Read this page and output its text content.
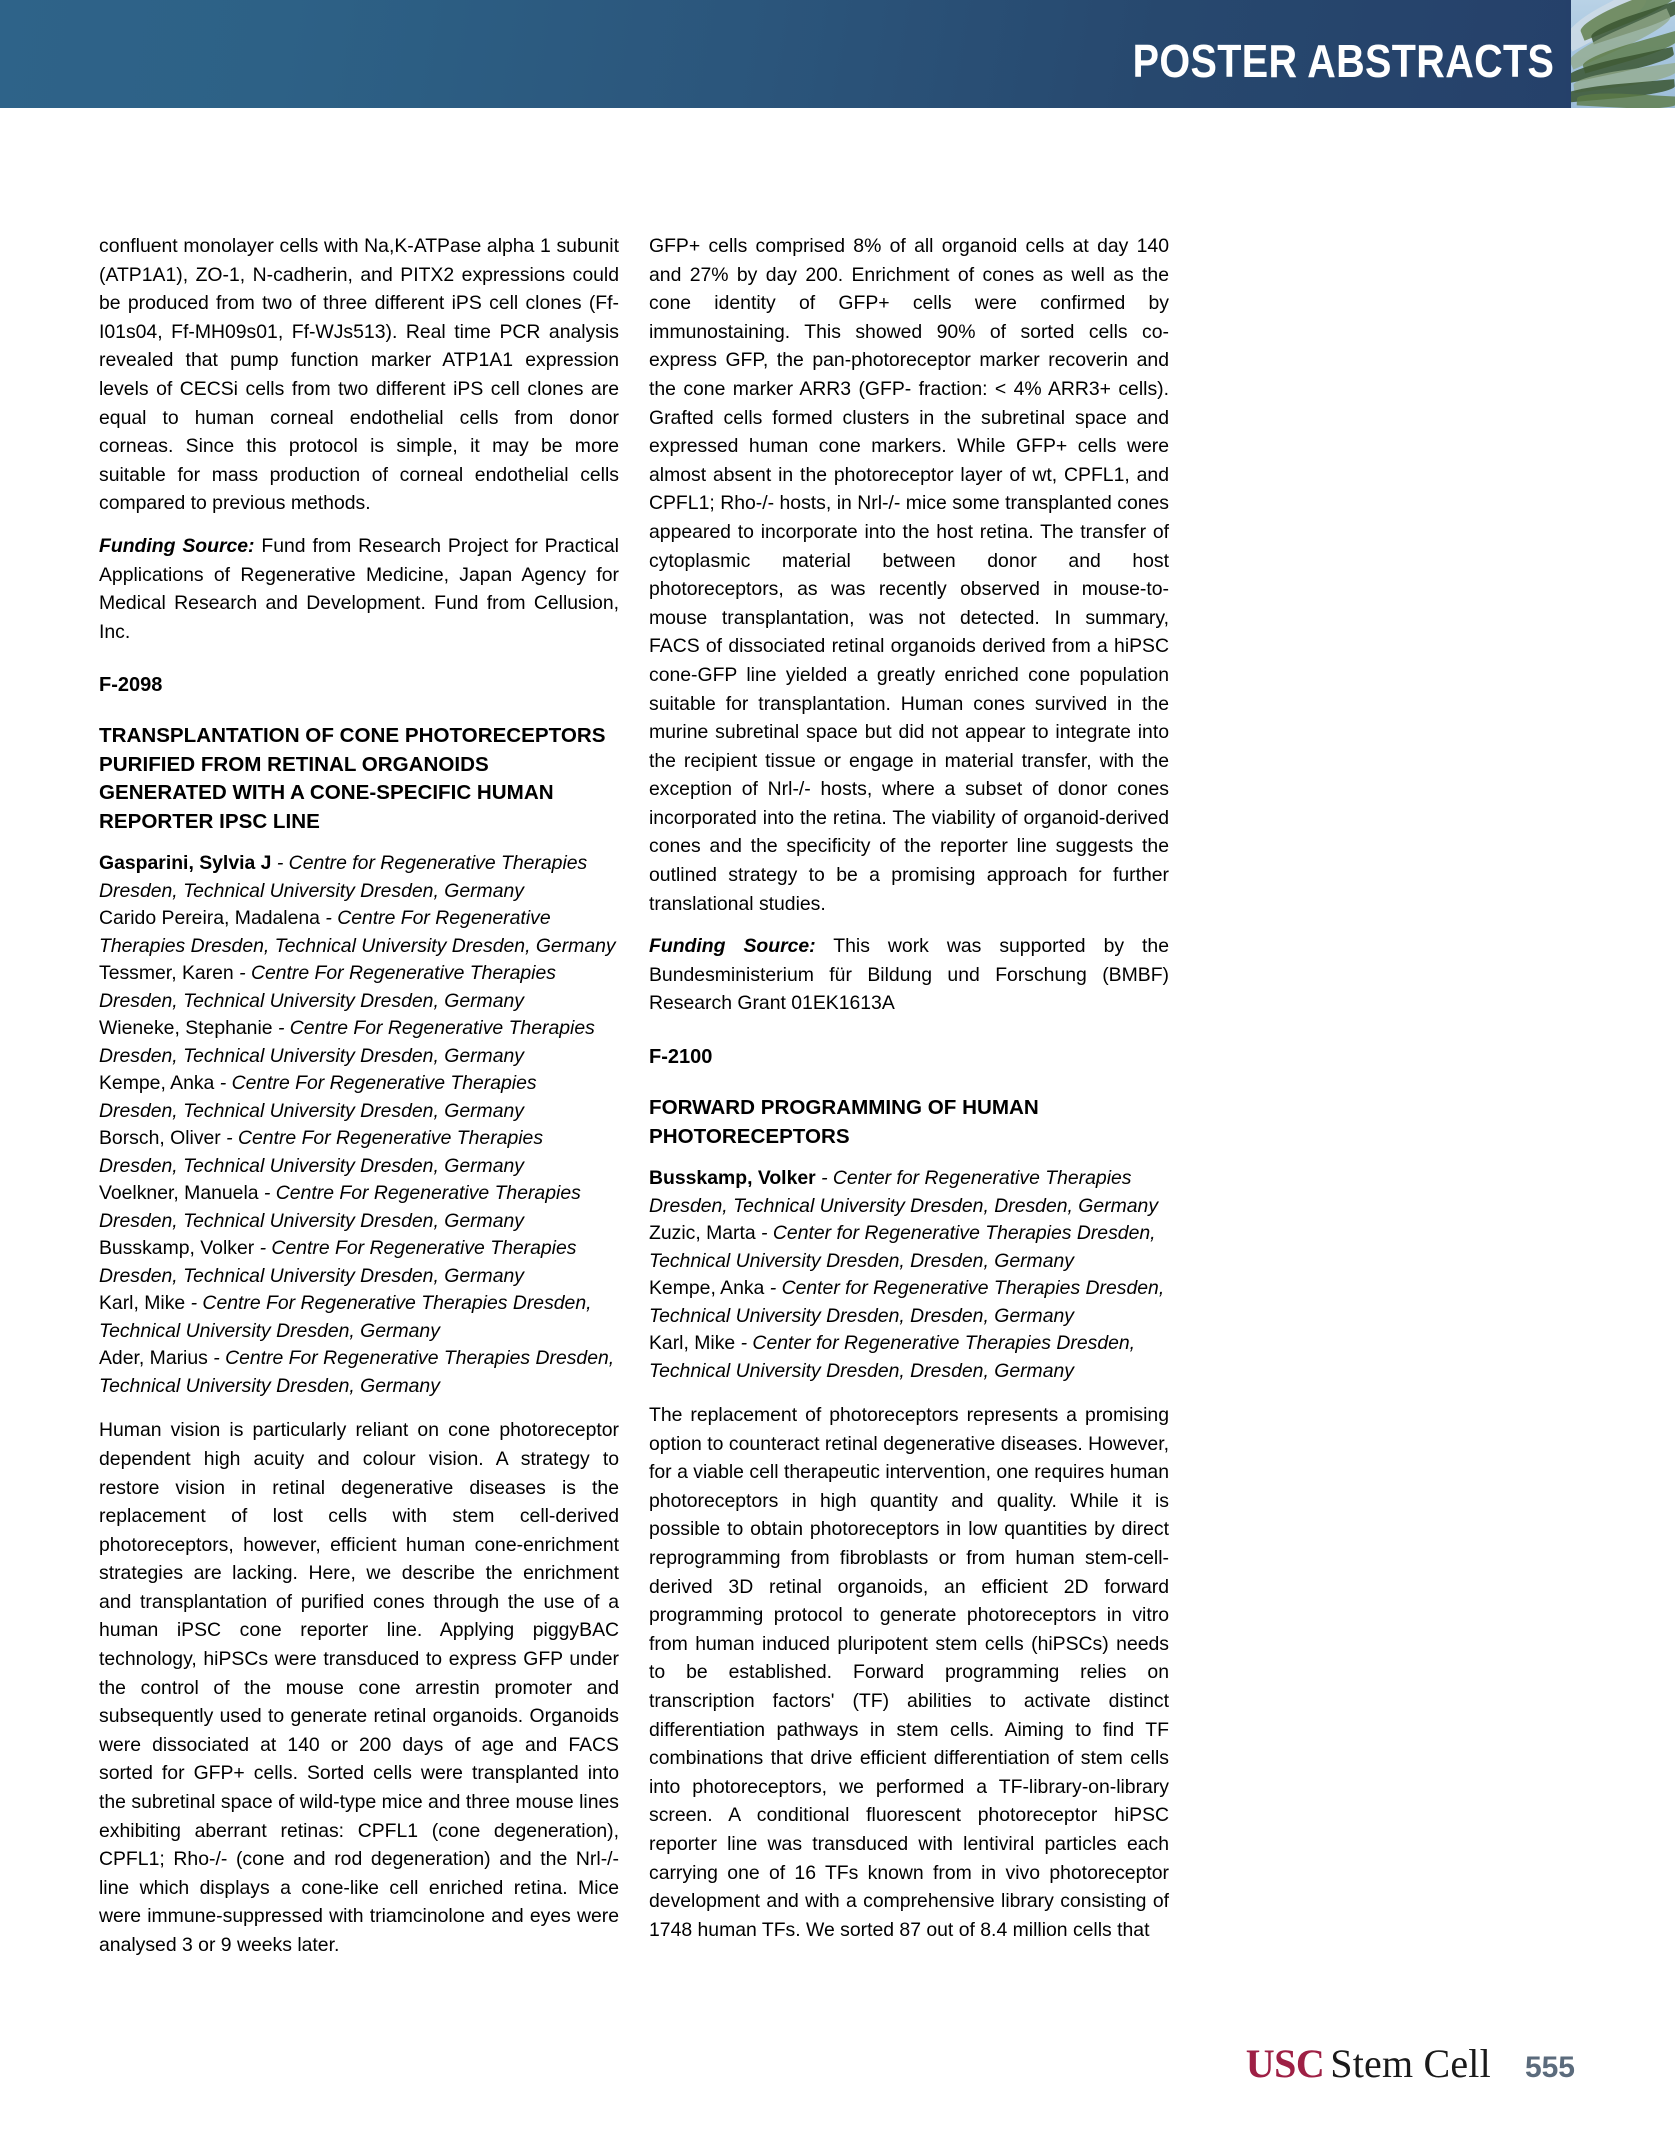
POSTER ABSTRACTS

confluent monolayer cells with Na,K-ATPase alpha 1 subunit (ATP1A1), ZO-1, N-cadherin, and PITX2 expressions could be produced from two of three different iPS cell clones (Ff-I01s04, Ff-MH09s01, Ff-WJs513). Real time PCR analysis revealed that pump function marker ATP1A1 expression levels of CECSi cells from two different iPS cell clones are equal to human corneal endothelial cells from donor corneas. Since this protocol is simple, it may be more suitable for mass production of corneal endothelial cells compared to previous methods.

Funding Source: Fund from Research Project for Practical Applications of Regenerative Medicine, Japan Agency for Medical Research and Development. Fund from Cellusion, Inc.

F-2098

TRANSPLANTATION OF CONE PHOTORECEPTORS PURIFIED FROM RETINAL ORGANOIDS GENERATED WITH A CONE-SPECIFIC HUMAN REPORTER IPSC LINE
Gasparini, Sylvia J - Centre for Regenerative Therapies Dresden, Technical University Dresden, Germany
Carido Pereira, Madalena - Centre For Regenerative Therapies Dresden, Technical University Dresden, Germany
Tessmer, Karen - Centre For Regenerative Therapies Dresden, Technical University Dresden, Germany
Wieneke, Stephanie - Centre For Regenerative Therapies Dresden, Technical University Dresden, Germany
Kempe, Anka - Centre For Regenerative Therapies Dresden, Technical University Dresden, Germany
Borsch, Oliver - Centre For Regenerative Therapies Dresden, Technical University Dresden, Germany
Voelkner, Manuela - Centre For Regenerative Therapies Dresden, Technical University Dresden, Germany
Busskamp, Volker - Centre For Regenerative Therapies Dresden, Technical University Dresden, Germany
Karl, Mike - Centre For Regenerative Therapies Dresden, Technical University Dresden, Germany
Ader, Marius - Centre For Regenerative Therapies Dresden, Technical University Dresden, Germany

Human vision is particularly reliant on cone photoreceptor dependent high acuity and colour vision. A strategy to restore vision in retinal degenerative diseases is the replacement of lost cells with stem cell-derived photoreceptors, however, efficient human cone-enrichment strategies are lacking. Here, we describe the enrichment and transplantation of purified cones through the use of a human iPSC cone reporter line. Applying piggyBAC technology, hiPSCs were transduced to express GFP under the control of the mouse cone arrestin promoter and subsequently used to generate retinal organoids. Organoids were dissociated at 140 or 200 days of age and FACS sorted for GFP+ cells. Sorted cells were transplanted into the subretinal space of wild-type mice and three mouse lines exhibiting aberrant retinas: CPFL1 (cone degeneration), CPFL1; Rho-/- (cone and rod degeneration) and the Nrl-/- line which displays a cone-like cell enriched retina. Mice were immune-suppressed with triamcinolone and eyes were analysed 3 or 9 weeks later.

GFP+ cells comprised 8% of all organoid cells at day 140 and 27% by day 200. Enrichment of cones as well as the cone identity of GFP+ cells were confirmed by immunostaining. This showed 90% of sorted cells co-express GFP, the pan-photoreceptor marker recoverin and the cone marker ARR3 (GFP- fraction: < 4% ARR3+ cells). Grafted cells formed clusters in the subretinal space and expressed human cone markers. While GFP+ cells were almost absent in the photoreceptor layer of wt, CPFL1, and CPFL1; Rho-/- hosts, in Nrl-/- mice some transplanted cones appeared to incorporate into the host retina. The transfer of cytoplasmic material between donor and host photoreceptors, as was recently observed in mouse-to-mouse transplantation, was not detected. In summary, FACS of dissociated retinal organoids derived from a hiPSC cone-GFP line yielded a greatly enriched cone population suitable for transplantation. Human cones survived in the murine subretinal space but did not appear to integrate into the recipient tissue or engage in material transfer, with the exception of Nrl-/- hosts, where a subset of donor cones incorporated into the retina. The viability of organoid-derived cones and the specificity of the reporter line suggests the outlined strategy to be a promising approach for further translational studies.

Funding Source: This work was supported by the Bundesministerium für Bildung und Forschung (BMBF) Research Grant 01EK1613A

F-2100

FORWARD PROGRAMMING OF HUMAN PHOTORECEPTORS
Busskamp, Volker - Center for Regenerative Therapies Dresden, Technical University Dresden, Dresden, Germany
Zuzic, Marta - Center for Regenerative Therapies Dresden, Technical University Dresden, Dresden, Germany
Kempe, Anka - Center for Regenerative Therapies Dresden, Technical University Dresden, Dresden, Germany
Karl, Mike - Center for Regenerative Therapies Dresden, Technical University Dresden, Dresden, Germany

The replacement of photoreceptors represents a promising option to counteract retinal degenerative diseases. However, for a viable cell therapeutic intervention, one requires human photoreceptors in high quantity and quality. While it is possible to obtain photoreceptors in low quantities by direct reprogramming from fibroblasts or from human stem-cell-derived 3D retinal organoids, an efficient 2D forward programming protocol to generate photoreceptors in vitro from human induced pluripotent stem cells (hiPSCs) needs to be established. Forward programming relies on transcription factors' (TF) abilities to activate distinct differentiation pathways in stem cells. Aiming to find TF combinations that drive efficient differentiation of stem cells into photoreceptors, we performed a TF-library-on-library screen. A conditional fluorescent photoreceptor hiPSC reporter line was transduced with lentiviral particles each carrying one of 16 TFs known from in vivo photoreceptor development and with a comprehensive library consisting of 1748 human TFs. We sorted 87 out of 8.4 million cells that

USC Stem Cell 555
